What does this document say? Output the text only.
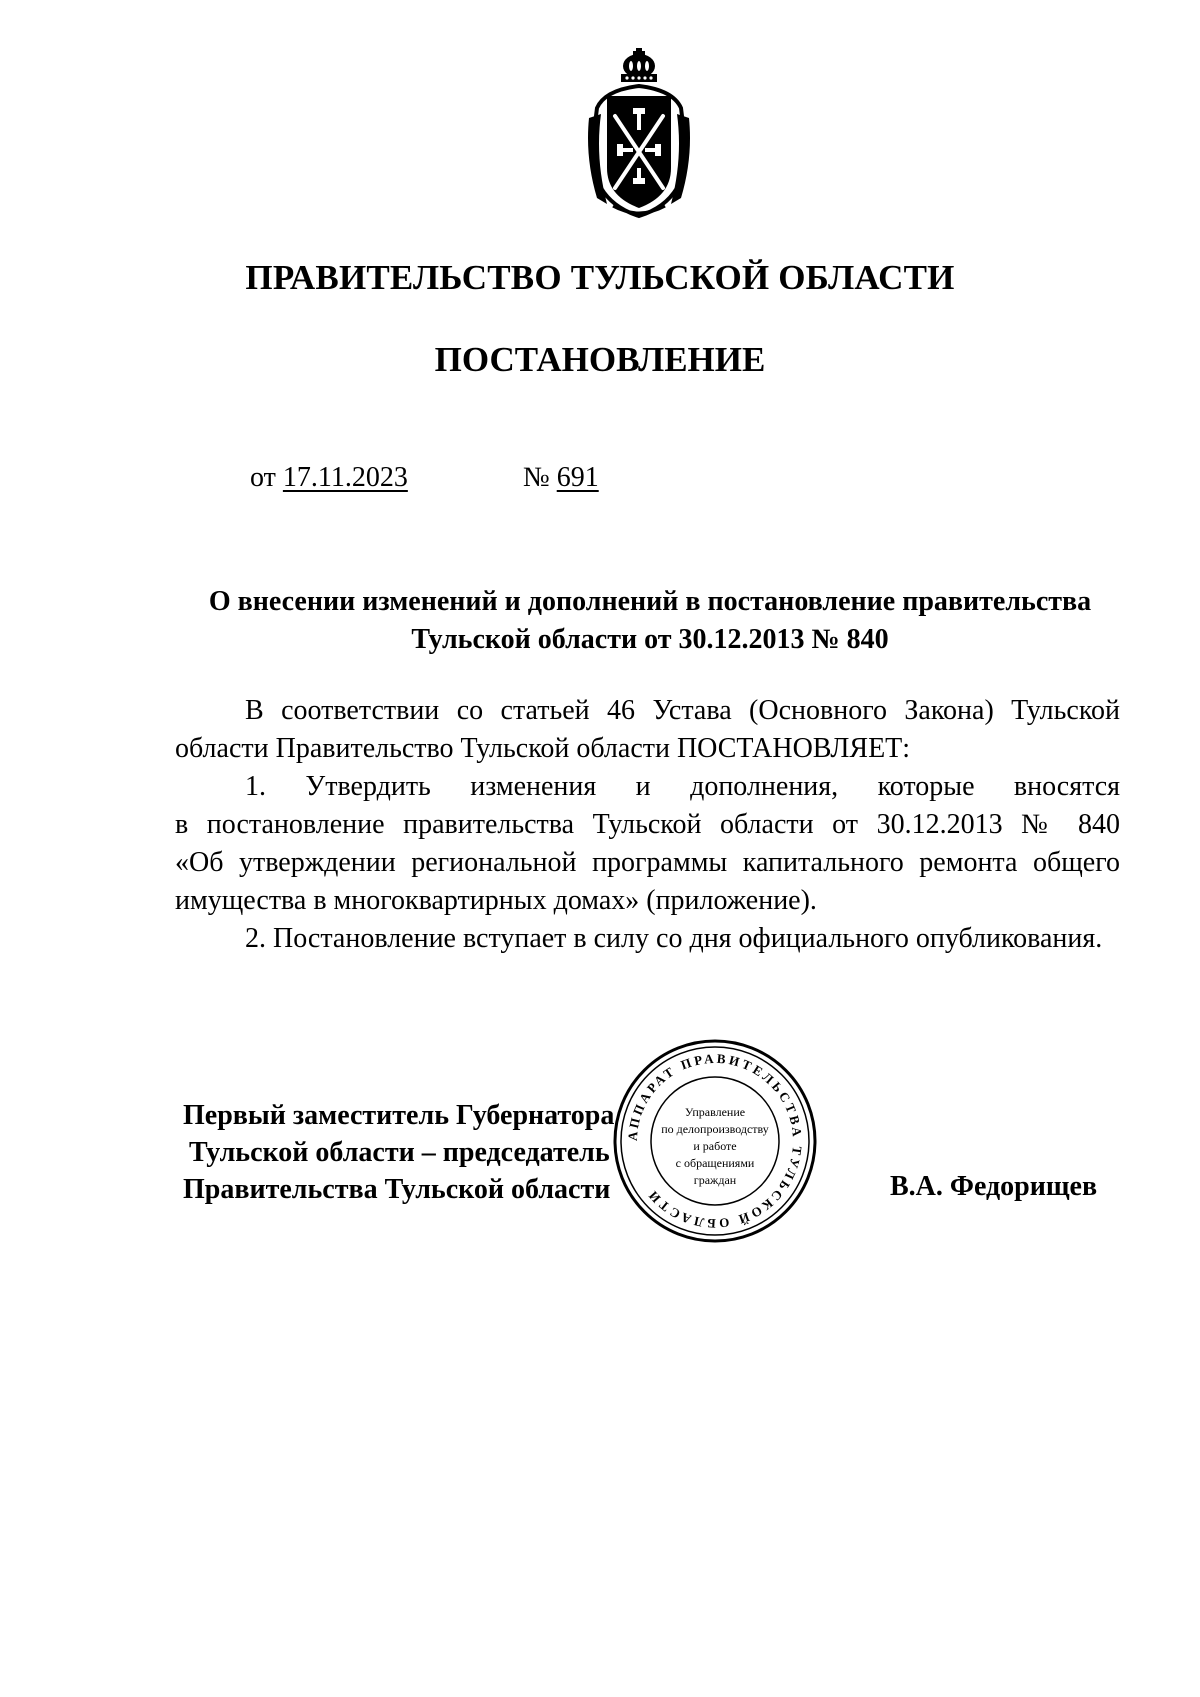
ПРАВИТЕЛЬСТВО ТУЛЬСКОЙ ОБЛАСТИ
ПОСТАНОВЛЕНИЕ
от 17.11.2023	№ 691
О внесении изменений и дополнений в постановление правительства
Тульской области от 30.12.2013 № 840
В соответствии со статьей 46 Устава (Основного Закона) Тульской
области Правительство Тульской области ПОСТАНОВЛЯЕТ:
1. Утвердить изменения и дополнения, которые вносятся
в постановление правительства Тульской области от 30.12.2013 № 840
«Об утверждении региональной программы капитального ремонта общего
имущества в многоквартирных домах» (приложение).
2. Постановление вступает в силу со дня официального опубликования.
АППАРАТ ПРАВИТЕЛЬСТВА ТУЛЬСКОЙ ОБЛАСТИ
Управление
по делопроизводству
и работе
с обращениями
граждан
Первый заместитель Губернатора
Тульской области – председатель
Правительства Тульской области	В.А. Федорищев
